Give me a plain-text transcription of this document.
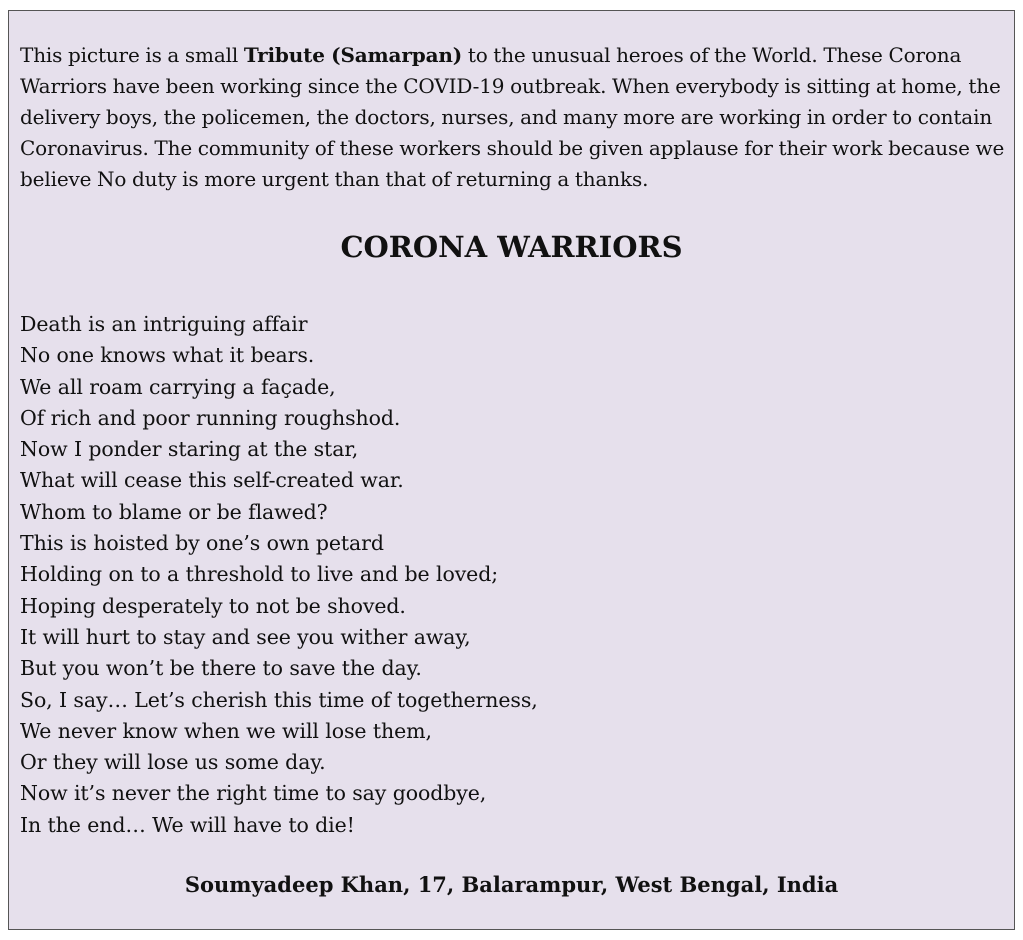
This picture is a small Tribute (Samarpan) to the unusual heroes of the World. These Corona Warriors have been working since the COVID-19 outbreak. When everybody is sitting at home, the delivery boys, the policemen, the doctors, nurses, and many more are working in order to contain Coronavirus. The community of these workers should be given applause for their work because we believe No duty is more urgent than that of returning a thanks.

CORONA WARRIORS
Death is an intriguing affair
No one knows what it bears.
We all roam carrying a façade,
Of rich and poor running roughshod.
Now I ponder staring at the star,
What will cease this self-created war.
Whom to blame or be flawed?
This is hoisted by one’s own petard
Holding on to a threshold to live and be loved;
Hoping desperately to not be shoved.
It will hurt to stay and see you wither away,
But you won’t be there to save the day.
So, I say… Let’s cherish this time of togetherness,
We never know when we will lose them,
Or they will lose us some day.
Now it’s never the right time to say goodbye,
In the end… We will have to die!

Soumyadeep Khan, 17, Balarampur, West Bengal, India
